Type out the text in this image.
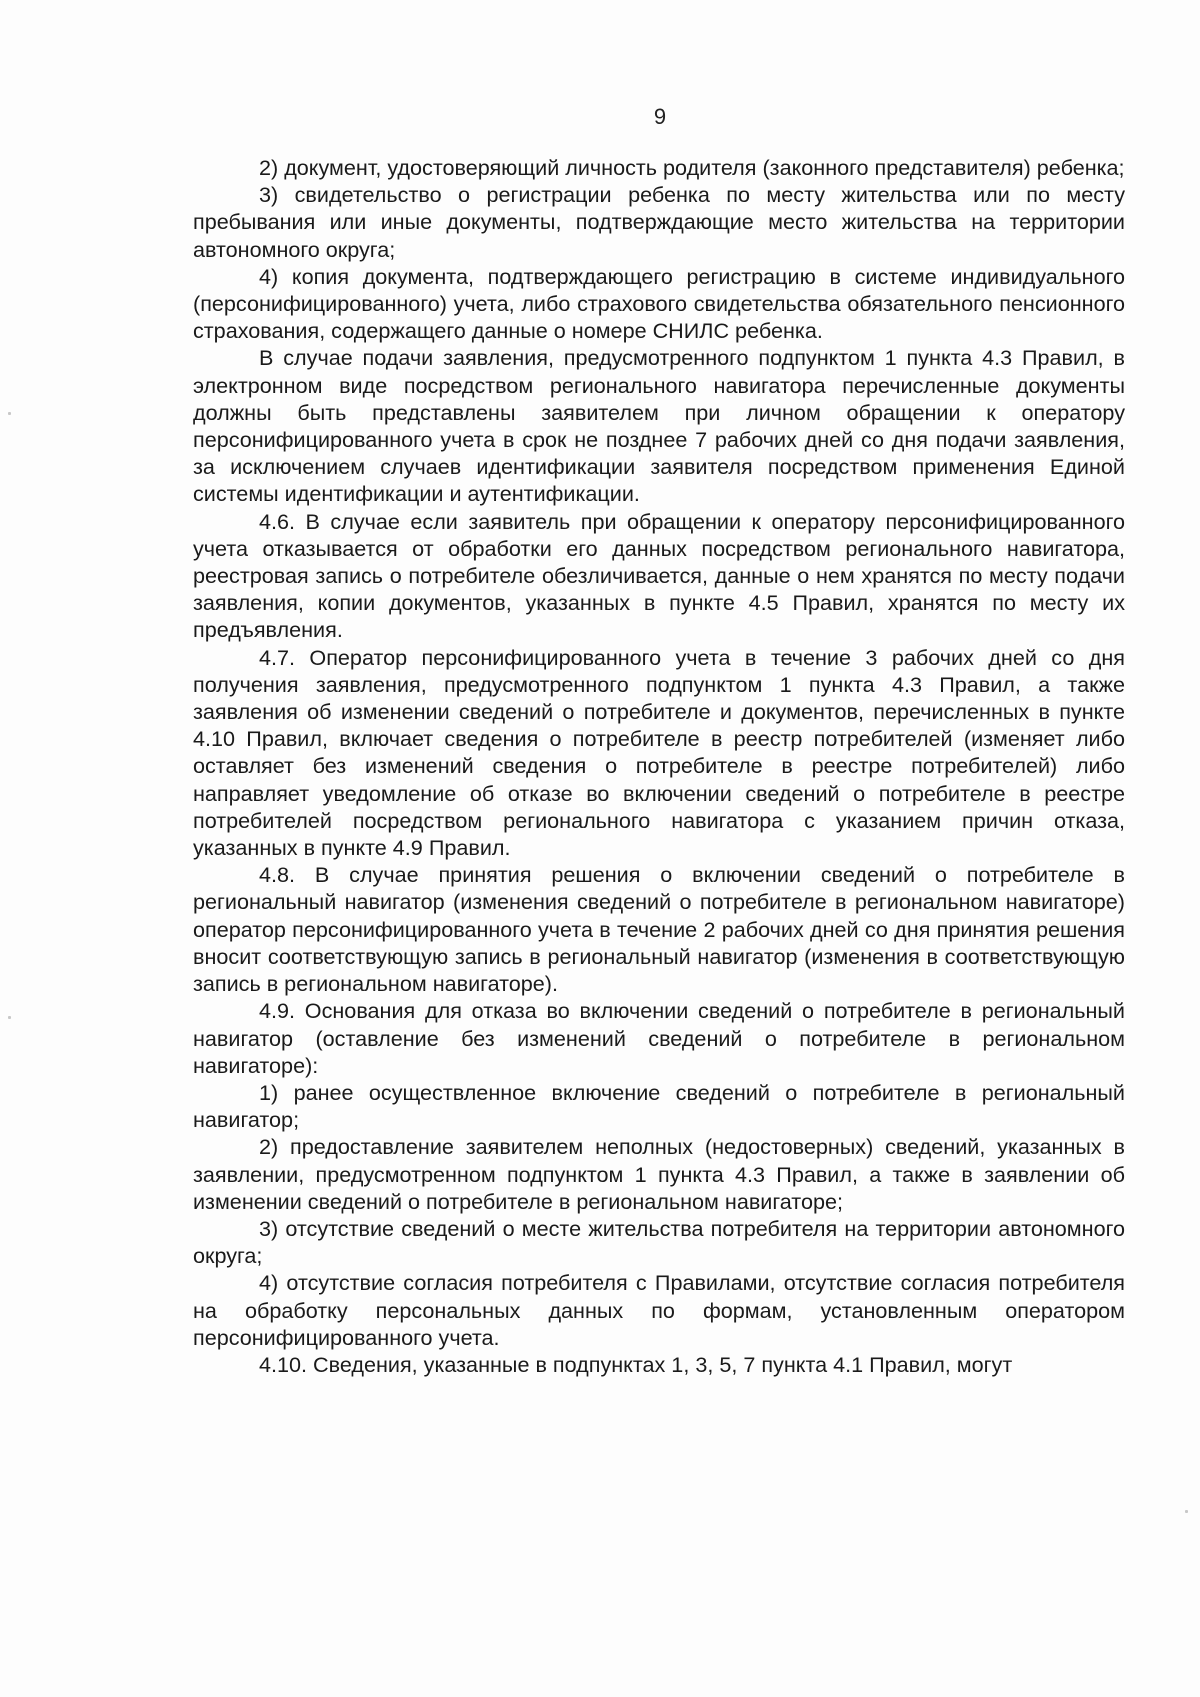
9

2) документ, удостоверяющий личность родителя (законного представителя) ребенка;

3) свидетельство о регистрации ребенка по месту жительства или по месту пребывания или иные документы, подтверждающие место жительства на территории автономного округа;

4) копия документа, подтверждающего регистрацию в системе индивидуального (персонифицированного) учета, либо страхового свидетельства обязательного пенсионного страхования, содержащего данные о номере СНИЛС ребенка.

В случае подачи заявления, предусмотренного подпунктом 1 пункта 4.3 Правил, в электронном виде посредством регионального навигатора перечисленные документы должны быть представлены заявителем при личном обращении к оператору персонифицированного учета в срок не позднее 7 рабочих дней со дня подачи заявления, за исключением случаев идентификации заявителя посредством применения Единой системы идентификации и аутентификации.

4.6. В случае если заявитель при обращении к оператору персонифицированного учета отказывается от обработки его данных посредством регионального навигатора, реестровая запись о потребителе обезличивается, данные о нем хранятся по месту подачи заявления, копии документов, указанных в пункте 4.5 Правил, хранятся по месту их предъявления.

4.7. Оператор персонифицированного учета в течение 3 рабочих дней со дня получения заявления, предусмотренного подпунктом 1 пункта 4.3 Правил, а также заявления об изменении сведений о потребителе и документов, перечисленных в пункте 4.10 Правил, включает сведения о потребителе в реестр потребителей (изменяет либо оставляет без изменений сведения о потребителе в реестре потребителей) либо направляет уведомление об отказе во включении сведений о потребителе в реестре потребителей посредством регионального навигатора с указанием причин отказа, указанных в пункте 4.9 Правил.

4.8. В случае принятия решения о включении сведений о потребителе в региональный навигатор (изменения сведений о потребителе в региональном навигаторе) оператор персонифицированного учета в течение 2 рабочих дней со дня принятия решения вносит соответствующую запись в региональный навигатор (изменения в соответствующую запись в региональном навигаторе).

4.9. Основания для отказа во включении сведений о потребителе в региональный навигатор (оставление без изменений сведений о потребителе в региональном навигаторе):

1) ранее осуществленное включение сведений о потребителе в региональный навигатор;

2) предоставление заявителем неполных (недостоверных) сведений, указанных в заявлении, предусмотренном подпунктом 1 пункта 4.3 Правил, а также в заявлении об изменении сведений о потребителе в региональном навигаторе;

3) отсутствие сведений о месте жительства потребителя на территории автономного округа;

4) отсутствие согласия потребителя с Правилами, отсутствие согласия потребителя на обработку персональных данных по формам, установленным оператором персонифицированного учета.

4.10. Сведения, указанные в подпунктах 1, 3, 5, 7 пункта 4.1 Правил, могут
